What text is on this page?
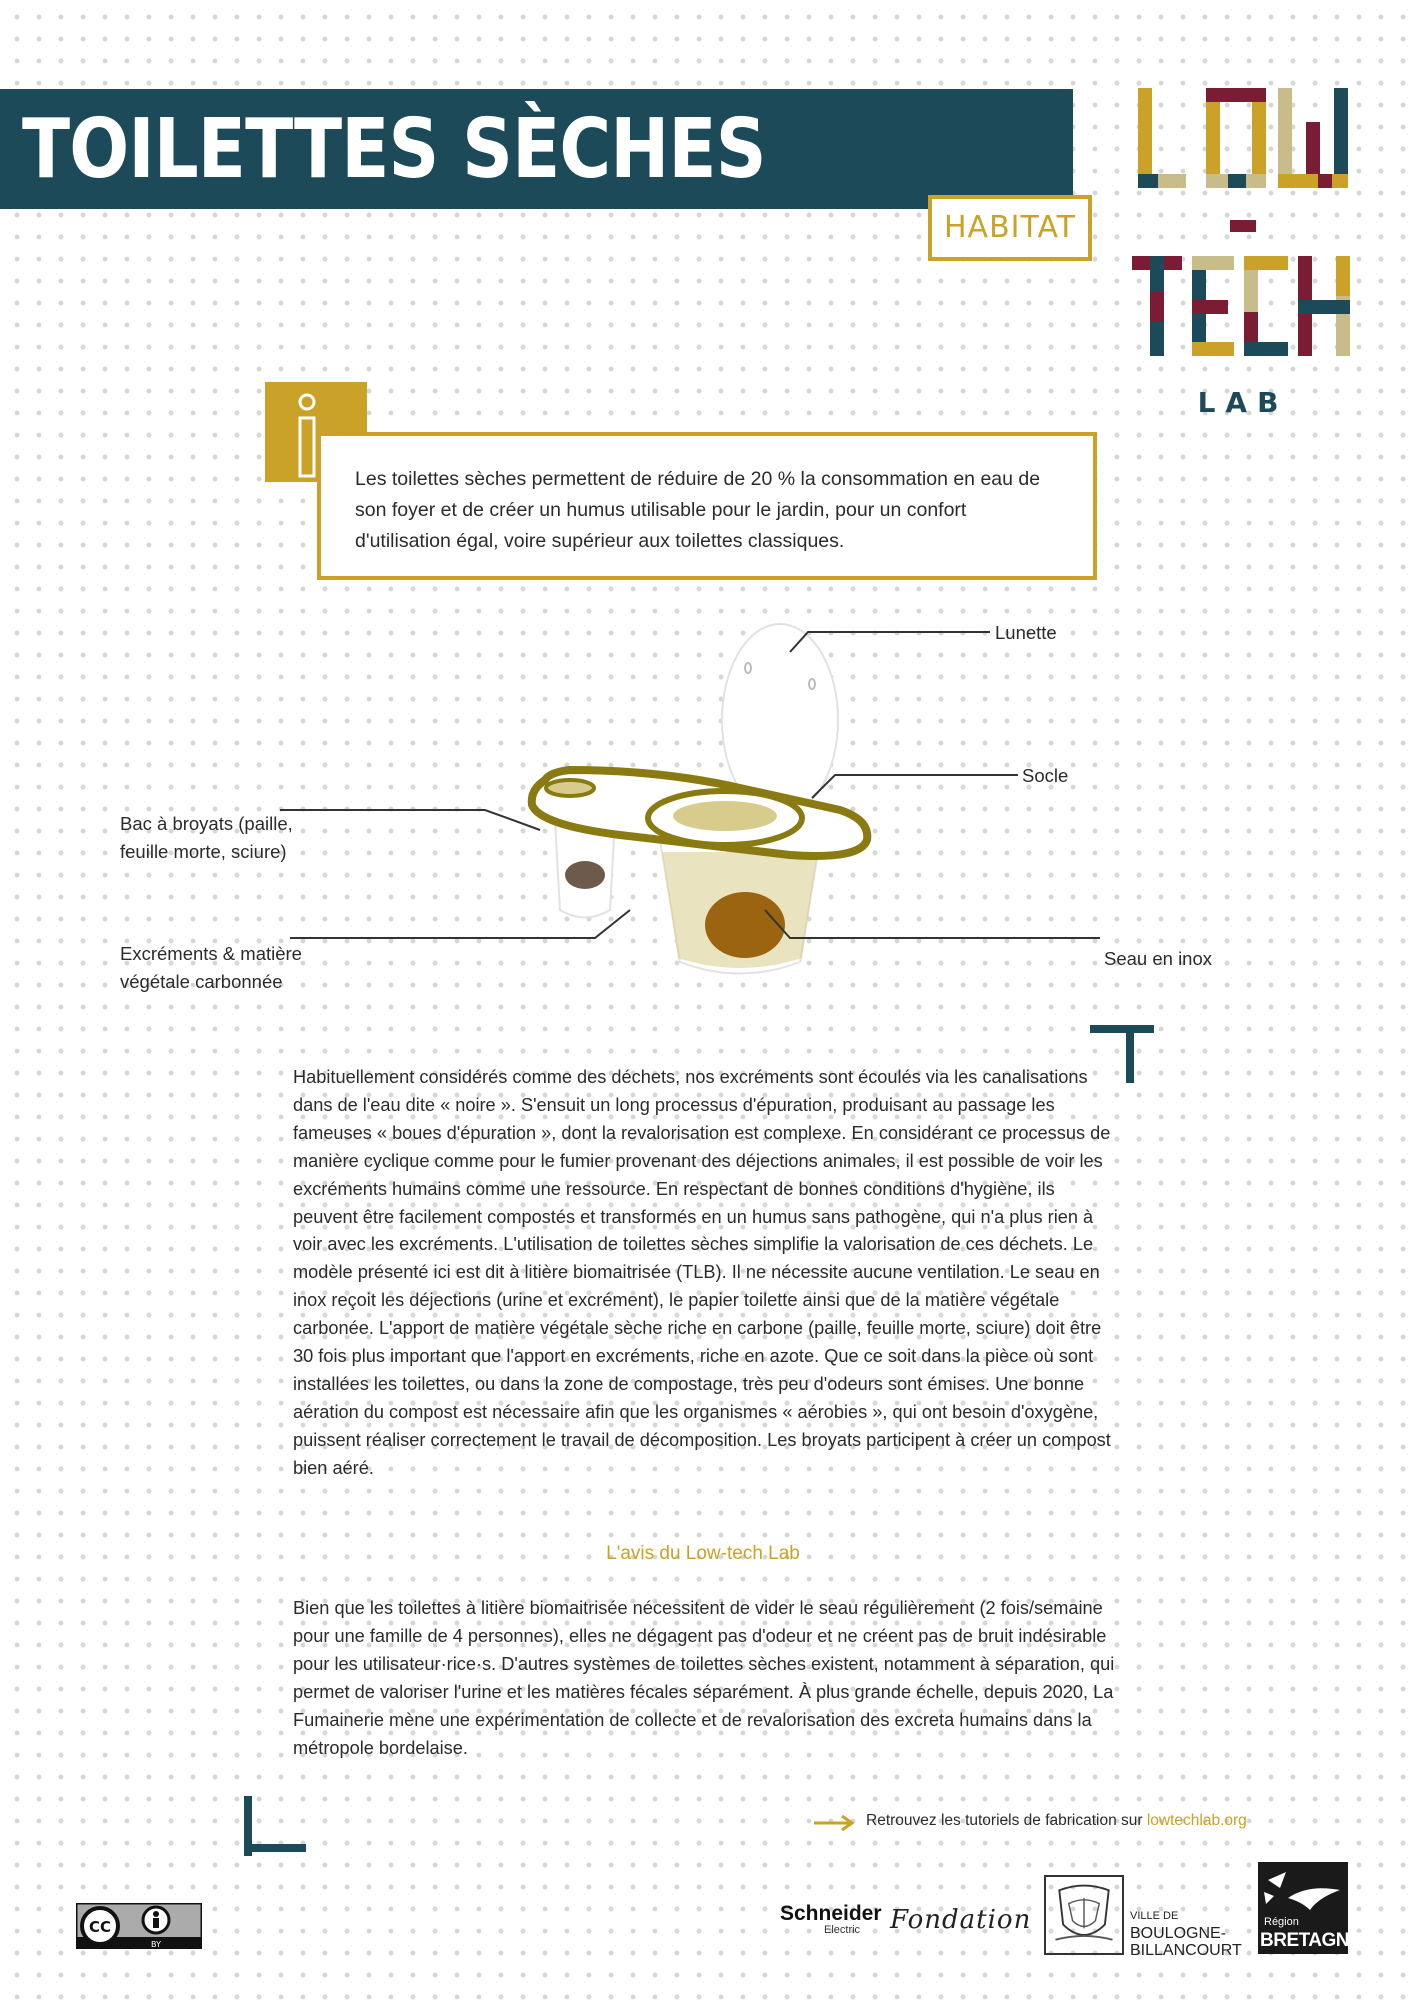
TOILETTES SÈCHES
HABITAT
LAB
Les toilettes sèches permettent de réduire de 20 % la consommation en eau de son foyer et de créer un humus utilisable pour le jardin, pour un confort d'utilisation égal, voire supérieur aux toilettes classiques.
Lunette
Socle
Bac à broyats (paille,
feuille morte, sciure)
Excréments & matière
végétale carbonnée
Seau en inox
Habituellement considérés comme des déchets, nos excréments sont écoulés via les canalisations dans de l'eau dite « noire ». S'ensuit un long processus d'épuration, produisant au passage les fameuses « boues d'épuration », dont la revalorisation est complexe. En considérant ce processus de manière cyclique comme pour le fumier provenant des déjections animales, il est possible de voir les excréments humains comme une ressource. En respectant de bonnes conditions d'hygiène, ils peuvent être facilement compostés et transformés en un humus sans pathogène, qui n'a plus rien à voir avec les excréments. L'utilisation de toilettes sèches simplifie la valorisation de ces déchets. Le modèle présenté ici est dit à litière biomaitrisée (TLB). Il ne nécessite aucune ventilation. Le seau en inox reçoit les déjections (urine et excrément), le papier toilette ainsi que de la matière végétale carbonée. L'apport de matière végétale sèche riche en carbone (paille, feuille morte, sciure) doit être 30 fois plus important que l'apport en excréments, riche en azote. Que ce soit dans la pièce où sont installées les toilettes, ou dans la zone de compostage, très peu d'odeurs sont émises. Une bonne aération du compost est nécessaire afin que les organismes « aérobies », qui ont besoin d'oxygène, puissent réaliser correctement le travail de décomposition. Les broyats participent à créer un compost bien aéré.
L'avis du Low-tech Lab
Bien que les toilettes à litière biomaitrisée nécessitent de vider le seau régulièrement (2 fois/semaine pour une famille de 4 personnes), elles ne dégagent pas d'odeur et ne créent pas de bruit indésirable pour les utilisateur·rice·s. D'autres systèmes de toilettes sèches existent, notamment à séparation, qui permet de valoriser l'urine et les matières fécales séparément. À plus grande échelle, depuis 2020, La Fumainerie mène une expérimentation de collecte et de revalorisation des excreta humains dans la métropole bordelaise.
Retrouvez les tutoriels de fabrication sur lowtechlab.org
CC
BY
Schneider
Electric Fondation	VILLE DE
BOULOGNE-
BILLANCOURT
Région
BRETAGNE
